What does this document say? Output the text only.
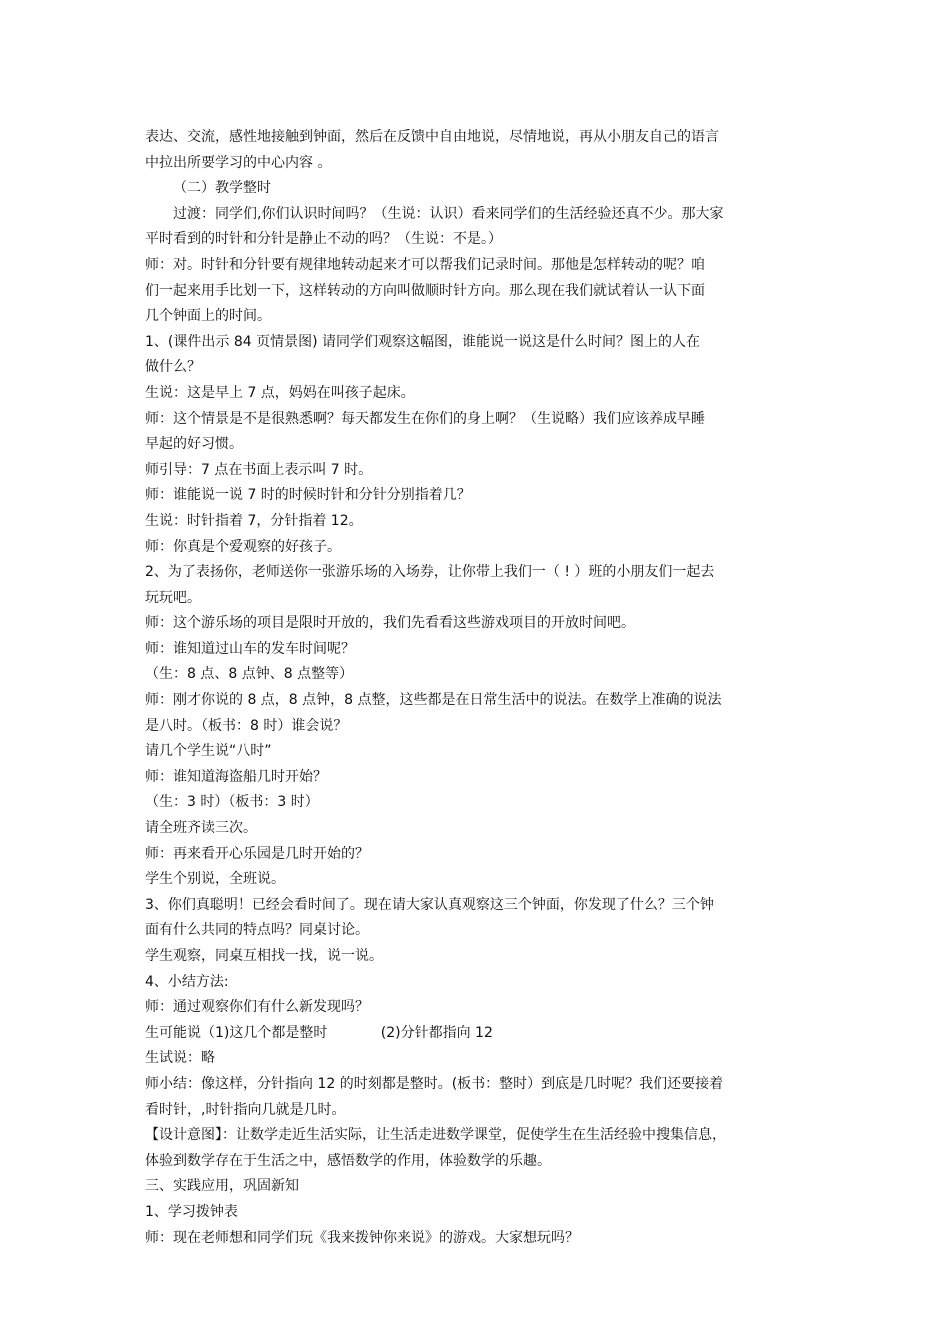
表达、交流，感性地接触到钟面，然后在反馈中自由地说，尽情地说，再从小朋友自己的语言
中拉出所要学习的中心内容 。
（二）教学整时
过渡：同学们,你们认识时间吗？（生说：认识）看来同学们的生活经验还真不少。那大家
平时看到的时针和分针是静止不动的吗？（生说：不是。）
师：对。时针和分针要有规律地转动起来才可以帮我们记录时间。那他是怎样转动的呢？咱
们一起来用手比划一下，这样转动的方向叫做顺时针方向。那么现在我们就试着认一认下面
几个钟面上的时间。
1、(课件出示 84 页情景图) 请同学们观察这幅图，谁能说一说这是什么时间？图上的人在
做什么？
生说：这是早上 7 点，妈妈在叫孩子起床。
师：这个情景是不是很熟悉啊？每天都发生在你们的身上啊？（生说略）我们应该养成早睡
早起的好习惯。
师引导：7 点在书面上表示叫 7 时。
师：谁能说一说 7 时的时候时针和分针分别指着几？
生说：时针指着 7，分针指着 12。
师：你真是个爱观察的好孩子。
2、为了表扬你，老师送你一张游乐场的入场券，让你带上我们一（ ! ）班的小朋友们一起去
玩玩吧。
师：这个游乐场的项目是限时开放的，我们先看看这些游戏项目的开放时间吧。
师：谁知道过山车的发车时间呢？
（生：8 点、8 点钟、8 点整等）
师：刚才你说的 8 点，8 点钟，8 点整，这些都是在日常生活中的说法。在数学上准确的说法
是八时。（板书：8 时）谁会说？
请几个学生说“八时”
师：谁知道海盗船几时开始？
（生：3 时）（板书：3 时）
请全班齐读三次。
师：再来看开心乐园是几时开始的？
学生个别说，全班说。
3、你们真聪明！已经会看时间了。现在请大家认真观察这三个钟面，你发现了什么？三个钟
面有什么共同的特点吗？同桌讨论。
学生观察，同桌互相找一找，说一说。
4、小结方法:
师：通过观察你们有什么新发现吗？
生可能说（1)这几个都是整时            (2)分针都指向 12
生试说：略
师小结：像这样，分针指向 12 的时刻都是整时。(板书：整时）到底是几时呢？我们还要接着
看时针，,时针指向几就是几时。
【设计意图】：让数学走近生活实际，让生活走进数学课堂，促使学生在生活经验中搜集信息，
体验到数学存在于生活之中，感悟数学的作用，体验数学的乐趣。
三、实践应用，巩固新知
1、学习拨钟表
师：现在老师想和同学们玩《我来拨钟你来说》的游戏。大家想玩吗？
